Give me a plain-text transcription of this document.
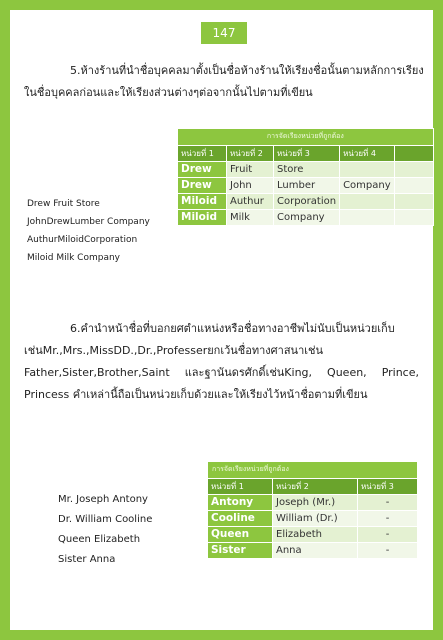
147

5.ห้างร้านที่นำชื่อบุคคลมาตั้งเป็นชื่อห้างร้านให้เรียงชื่อนั้นตามหลักการเรียงในชื่อบุคคลก่อนและให้เรียงส่วนต่างๆต่อจากนั้นไปตามที่เขียน

การจัดเรียงหน่วยที่ถูกต้อง				
หน่วยที่ 1	หน่วยที่ 2	หน่วยที่ 3	หน่วยที่ 4	
Drew	Fruit	Store		
Drew	John	Lumber	Company	
Miloid	Authur	Corporation		
Miloid	Milk	Company		
Drew Fruit Store
JohnDrewLumber Company
AuthurMiloidCorporation
Miloid Milk Company

6.คำนำหน้าชื่อที่บอกยศตำแหน่งหรือชื่อทางอาชีพไม่นับเป็นหน่วยเก็บเช่นMr.,Mrs.,MissDD.,Dr.,Professerยกเว้นชื่อทางศาสนาเช่น Father,Sister,Brother,Saint และฐานันดรศักดิ์เช่นKing, Queen, Prince, Princess คำเหล่านี้ถือเป็นหน่วยเก็บด้วยและให้เรียงไว้หน้าชื่อตามที่เขียน

การจัดเรียงหน่วยที่ถูกต้อง		
หน่วยที่ 1	หน่วยที่ 2	หน่วยที่ 3
Antony	Joseph (Mr.)	-
Cooline	William (Dr.)	-
Queen	Elizabeth	-
Sister	Anna	-
Mr. Joseph Antony
Dr. William Cooline
Queen Elizabeth
Sister Anna
